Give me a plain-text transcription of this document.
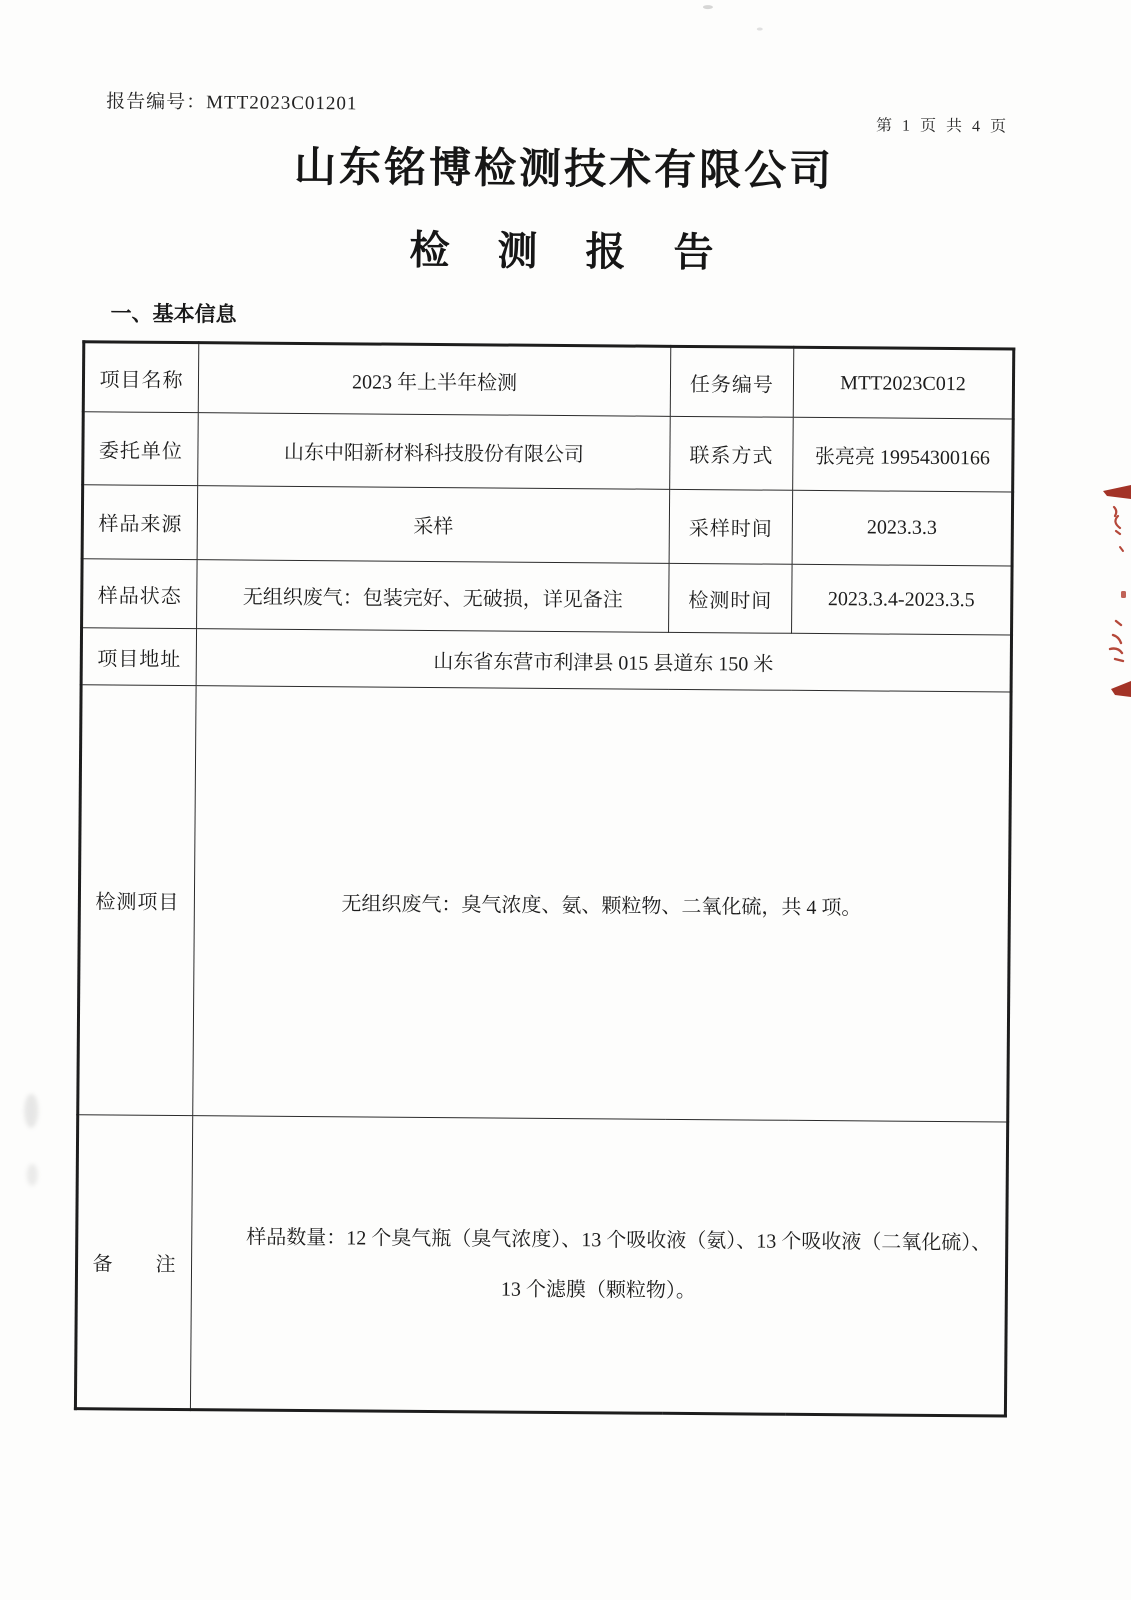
报告编号：MTT2023C01201
第 1 页 共 4 页
山东铭博检测技术有限公司
检　测　报　告
一、基本信息
项目名称	2023 年上半年检测	任务编号	MTT2023C012
委托单位	山东中阳新材料科技股份有限公司	联系方式	张亮亮 19954300166
样品来源	采样	采样时间	2023.3.3
样品状态	无组织废气：包装完好、无破损，详见备注	检测时间	2023.3.4-2023.3.5
项目地址	山东省东营市利津县 015 县道东 150 米		
检测项目	无组织废气：臭气浓度、氨、颗粒物、二氧化硫，共 4 项。		
备　　注	样品数量：12 个臭气瓶（臭气浓度）、13 个吸收液（氨）、13 个吸收液（二氧化硫）、13 个滤膜（颗粒物）。		
